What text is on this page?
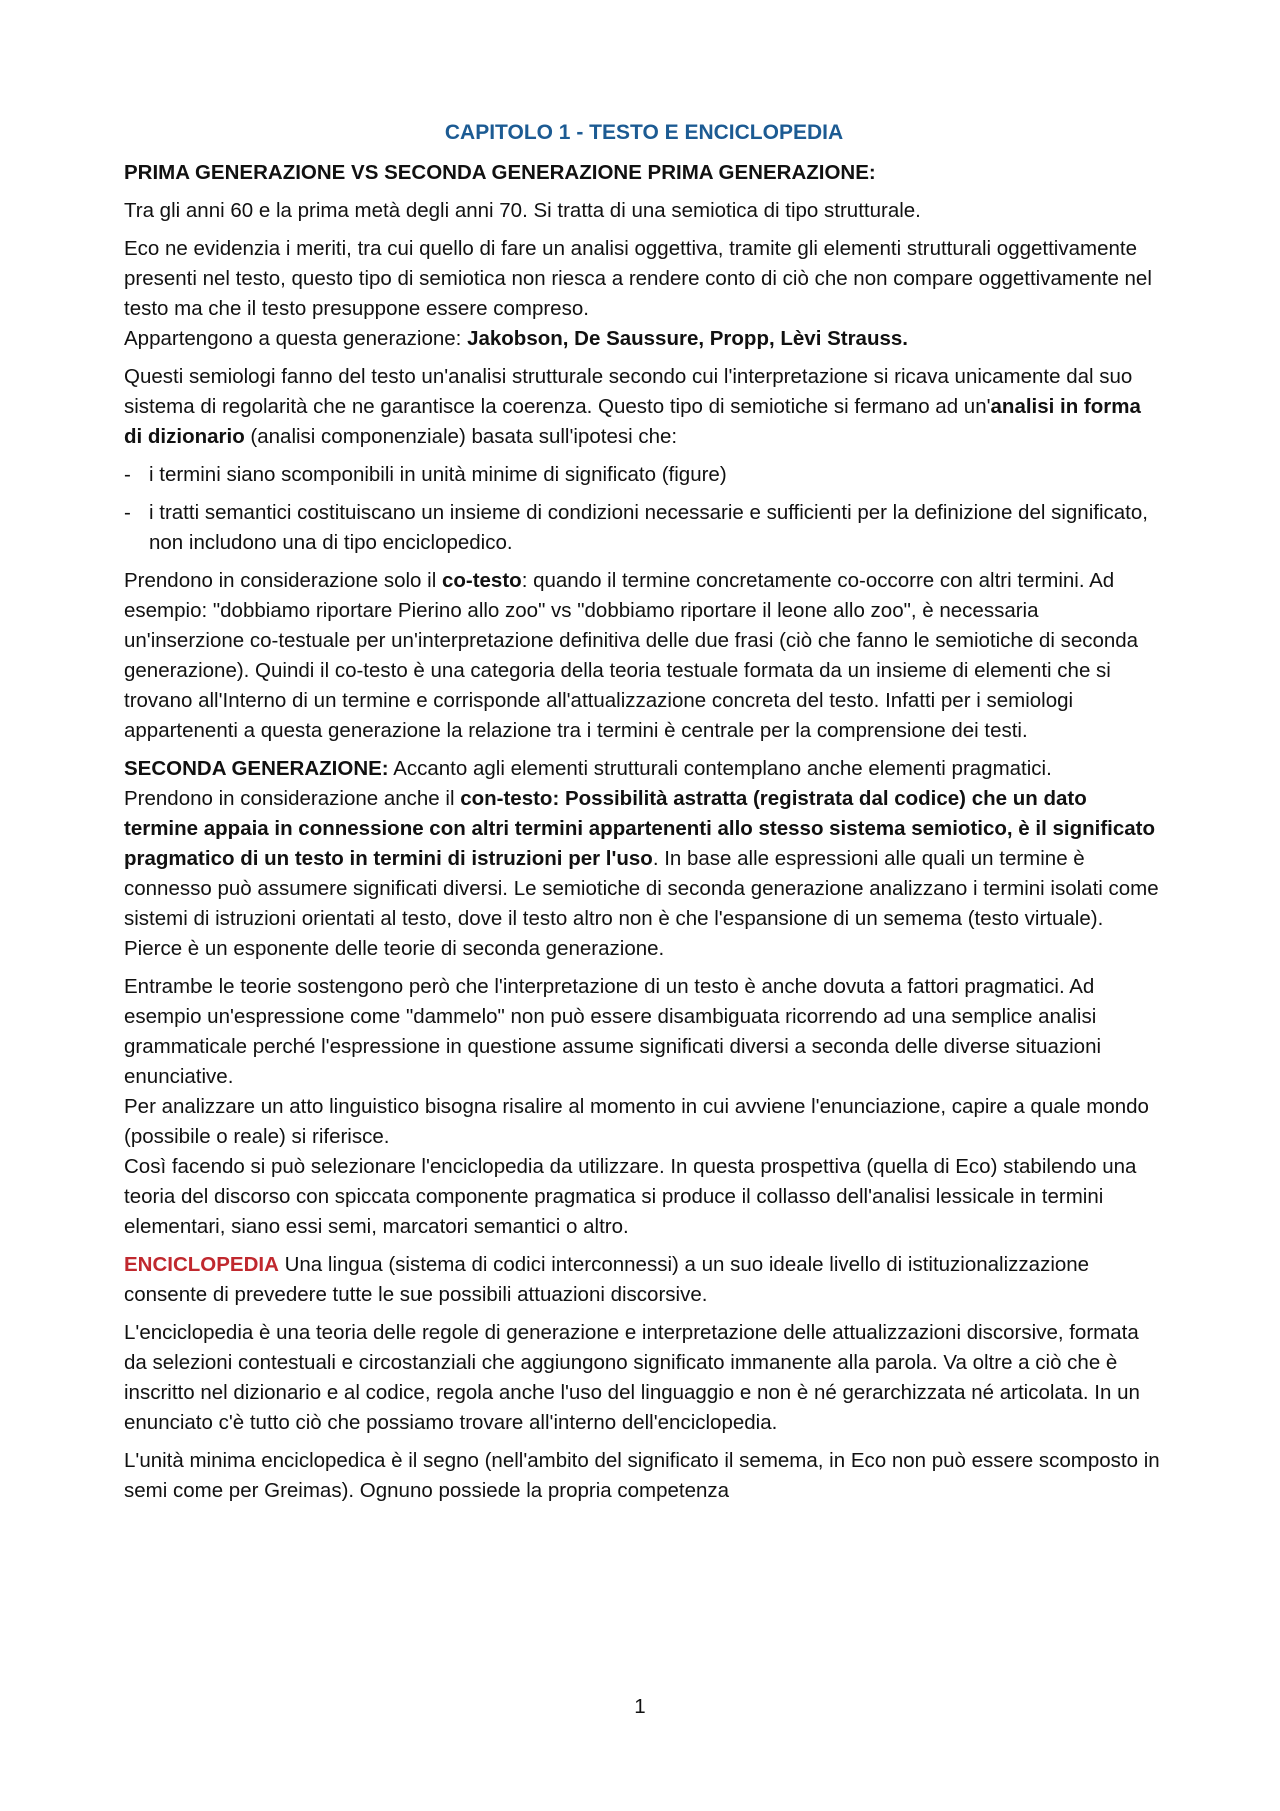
CAPITOLO 1 - TESTO E ENCICLOPEDIA
PRIMA GENERAZIONE VS SECONDA GENERAZIONE PRIMA GENERAZIONE:

Tra gli anni 60 e la prima metà degli anni 70. Si tratta di una semiotica di tipo strutturale.

Eco ne evidenzia i meriti, tra cui quello di fare un analisi oggettiva, tramite gli elementi strutturali oggettivamente presenti nel testo, questo tipo di semiotica non riesca a rendere conto di ciò che non compare oggettivamente nel testo ma che il testo presuppone essere compreso.
Appartengono a questa generazione: Jakobson, De Saussure, Propp, Lèvi Strauss.

Questi semiologi fanno del testo un'analisi strutturale secondo cui l'interpretazione si ricava unicamente dal suo sistema di regolarità che ne garantisce la coerenza. Questo tipo di semiotiche si fermano ad un'analisi in forma di dizionario (analisi componenziale) basata sull'ipotesi che:

- i termini siano scomponibili in unità minime di significato (figure)
- i tratti semantici costituiscano un insieme di condizioni necessarie e sufficienti per la definizione del significato, non includono una di tipo enciclopedico.

Prendono in considerazione solo il co-testo: quando il termine concretamente co-occorre con altri termini. Ad esempio: "dobbiamo riportare Pierino allo zoo" vs "dobbiamo riportare il leone allo zoo", è necessaria un'inserzione co-testuale per un'interpretazione definitiva delle due frasi (ciò che fanno le semiotiche di seconda generazione). Quindi il co-testo è una categoria della teoria testuale formata da un insieme di elementi che si trovano all'Interno di un termine e corrisponde all'attualizzazione concreta del testo. Infatti per i semiologi appartenenti a questa generazione la relazione tra i termini è centrale per la comprensione dei testi.

SECONDA GENERAZIONE: Accanto agli elementi strutturali contemplano anche elementi pragmatici.
Prendono in considerazione anche il con-testo: Possibilità astratta (registrata dal codice) che un dato termine appaia in connessione con altri termini appartenenti allo stesso sistema semiotico, è il significato pragmatico di un testo in termini di istruzioni per l'uso. In base alle espressioni alle quali un termine è connesso può assumere significati diversi. Le semiotiche di seconda generazione analizzano i termini isolati come sistemi di istruzioni orientati al testo, dove il testo altro non è che l'espansione di un semema (testo virtuale). Pierce è un esponente delle teorie di seconda generazione.

Entrambe le teorie sostengono però che l'interpretazione di un testo è anche dovuta a fattori pragmatici. Ad esempio un'espressione come "dammelo" non può essere disambiguata ricorrendo ad una semplice analisi grammaticale perché l'espressione in questione assume significati diversi a seconda delle diverse situazioni enunciative.
Per analizzare un atto linguistico bisogna risalire al momento in cui avviene l'enunciazione, capire a quale mondo (possibile o reale) si riferisce.
Così facendo si può selezionare l'enciclopedia da utilizzare. In questa prospettiva (quella di Eco) stabilendo una teoria del discorso con spiccata componente pragmatica si produce il collasso dell'analisi lessicale in termini elementari, siano essi semi, marcatori semantici o altro.

ENCICLOPEDIA Una lingua (sistema di codici interconnessi) a un suo ideale livello di istituzionalizzazione consente di prevedere tutte le sue possibili attuazioni discorsive.

L'enciclopedia è una teoria delle regole di generazione e interpretazione delle attualizzazioni discorsive, formata da selezioni contestuali e circostanziali che aggiungono significato immanente alla parola. Va oltre a ciò che è inscritto nel dizionario e al codice, regola anche l'uso del linguaggio e non è né gerarchizzata né articolata. In un enunciato c'è tutto ciò che possiamo trovare all'interno dell'enciclopedia.

L'unità minima enciclopedica è il segno (nell'ambito del significato il semema, in Eco non può essere scomposto in semi come per Greimas). Ognuno possiede la propria competenza

1
